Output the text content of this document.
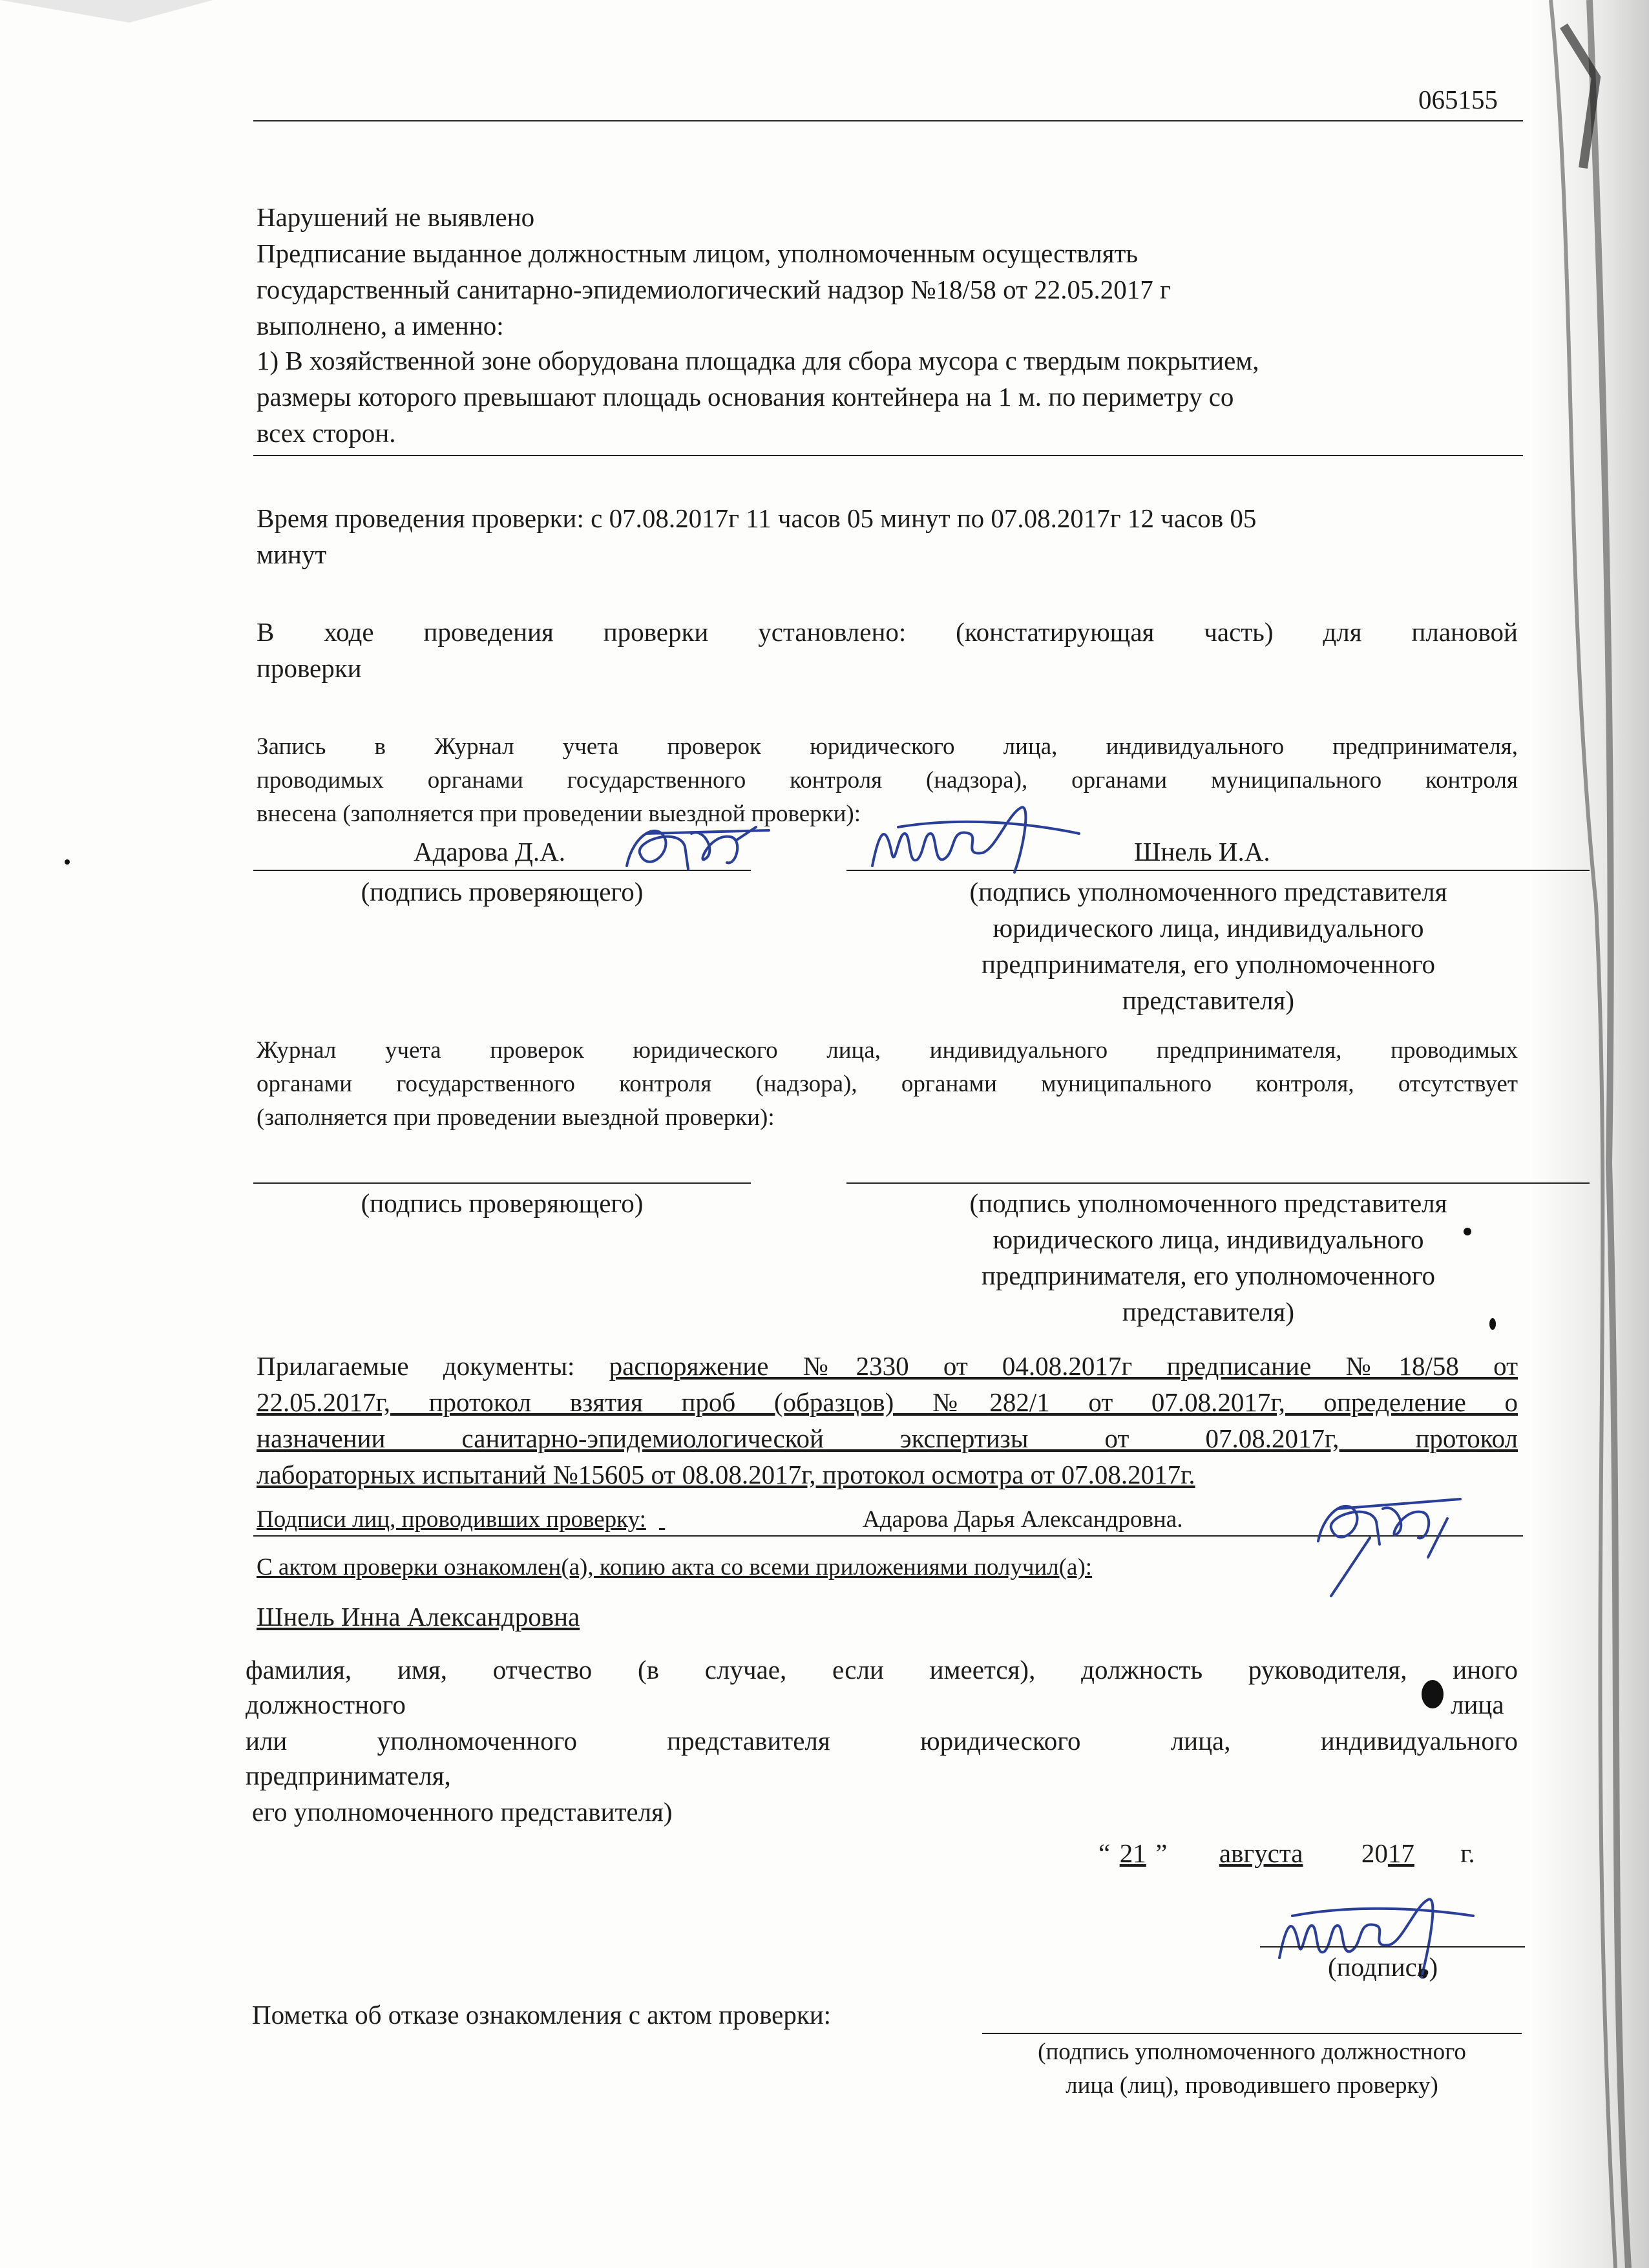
065155
Нарушений не выявлено
Предписание выданное должностным лицом, уполномоченным осуществлять
государственный санитарно-эпидемиологический надзор №18/58 от 22.05.2017 г
выполнено, а именно:
1) В хозяйственной зоне оборудована площадка для сбора мусора с твердым покрытием,
размеры которого превышают площадь основания контейнера на 1 м. по периметру со
всех сторон.
Время проведения проверки: с 07.08.2017г 11 часов 05 минут по 07.08.2017г 12 часов 05
минут
В ходе проведения проверки установлено: (констатирующая часть) для плановой
проверки
Запись в Журнал учета проверок юридического лица, индивидуального предпринимателя,
проводимых органами государственного контроля (надзора), органами муниципального контроля
внесена (заполняется при проведении выездной проверки):
Адарова Д.А.	Шнель И.А.
(подпись проверяющего)	(подпись уполномоченного представителя
юридического лица, индивидуального
предпринимателя, его уполномоченного
представителя)
Журнал учета проверок юридического лица, индивидуального предпринимателя, проводимых
органами государственного контроля (надзора), органами муниципального контроля, отсутствует
(заполняется при проведении выездной проверки):
(подпись проверяющего)	(подпись уполномоченного представителя
юридического лица, индивидуального
предпринимателя, его уполномоченного
представителя)
Прилагаемые документы: распоряжение №2330 от 04.08.2017г предписание №18/58 от
22.05.2017г, протокол взятия проб (образцов) №282/1 от 07.08.2017г, определение о
назначении санитарно-эпидемиологической экспертизы от 07.08.2017г, протокол
лабораторных испытаний №15605 от 08.08.2017г, протокол осмотра от 07.08.2017г.
Подписи лиц, проводивших проверку:	Адарова Дарья Александровна.
С актом проверки ознакомлен(а), копию акта со всеми приложениями получил(а):
Шнель Инна Александровна
фамилия, имя, отчество (в случае, если имеется), должность руководителя, иного
должностного	лица
или уполномоченного представителя юридического лица, индивидуального
предпринимателя,
его уполномоченного представителя)
“ 21 ” августа 2017 г.
(подпись)
Пометка об отказе ознакомления с актом проверки:
(подпись уполномоченного должностного
лица (лиц), проводившего проверку)
